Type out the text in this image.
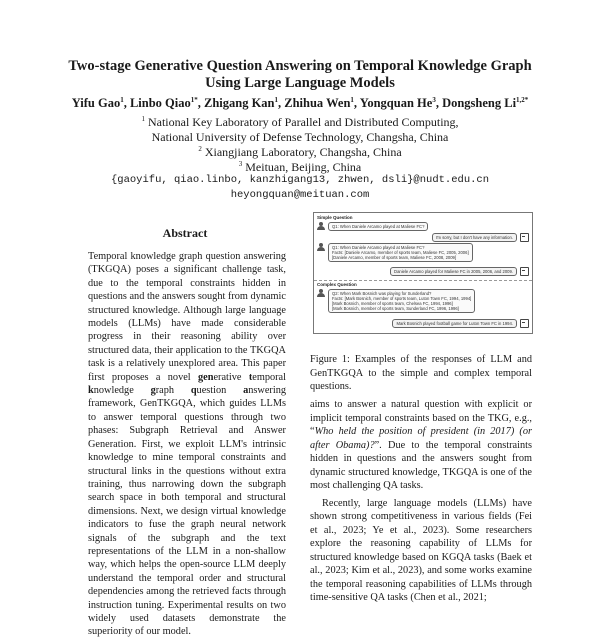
Two-stage Generative Question Answering on Temporal Knowledge Graph
Using Large Language Models
Yifu Gao$^1$, Linbo Qiao$^{1*}$, Zhigang Kan$^1$, Zhihua Wen$^1$, Yongquan He$^3$, Dongsheng $Li^{1,2*}$
$^1$ National Key Laboratory of Parallel and Distributed Computing,
National University of Defense Technology, Changsha, China
$^2$ Xiangjiang Laboratory, Changsha, China
$^3$ Meituan, Beijing, China
{gaoyifu, qiao.linbo, kanzhigang13, zhwen, dsli}@nudt.edu.cn
heyongquan@meituan.com
Abstract

Temporal knowledge graph question answering (TKGQA) poses a significant challenge task, due to the temporal constraints hidden in questions and the answers sought from dynamic structured knowledge. Although large language models (LLMs) have made considerable progress in their reasoning ability over structured data, their application to the TKGQA task is a relatively unexplored area. This paper first proposes a novel generative temporal knowledge graph question answering framework, GenTKGQA, which guides LLMs to answer temporal questions through two phases: Subgraph Retrieval and Answer Generation. First, we exploit LLM's intrinsic knowledge to mine temporal constraints and structural links in the questions without extra training, thus narrowing down the subgraph search space in both temporal and structural dimensions. Next, we design virtual knowledge indicators to fuse the graph neural network signals of the subgraph and the text representations of the LLM in a non-shallow way, which helps the open-source LLM deeply understand the temporal order and structural dependencies among the retrieved facts through instruction tuning. Experimental results on two widely used datasets demonstrate the superiority of our model.

Simple Question
Q1: When Daniele Arcamo played at Maliese FC?
I'm sorry, but I don't have any information.
Q1: When Daniele Arcamo played at Maliese FC?
Facts: [Daniele Arcamo, member of sports team, Maliese FC, 2005, 2006]
[Daniele Arcamo, member of sports team, Maliese FC, 2008, 2009]
Daniele Arcamo played for Maliese FC in 2005, 2006, and 2009.
Complex Question
Q2: When Mark Bosnich was playing for Sunderland?
Facts: [Mark Bosnich, member of sports team, Luton Town FC, 1994, 1994]
[Mark Bosnich, member of sports team, Chelsea FC, 1994, 1996]
[Mark Bosnich, member of sports team, Sunderland FC, 1996, 1996]
Mark Bosnich played football game for Luton Town FC in 1994.
Figure 1: Examples of the responses of LLM and GenTKGQA to the simple and complex temporal questions.

aims to answer a natural question with explicit or implicit temporal constraints based on the TKG, e.g., “Who held the position of president (in 2017) (or after Obama)?”. Due to the temporal constraints hidden in questions and the answers sought from dynamic structured knowledge, TKGQA is one of the most challenging QA tasks.

Recently, large language models (LLMs) have shown strong competitiveness in various fields (Fei et al., 2023; Ye et al., 2023). Some researchers explore the reasoning capability of LLMs for structured knowledge based on KGQA tasks (Baek et al., 2023; Kim et al., 2023), and some works examine the temporal reasoning capabilities of LLMs through time-sensitive QA tasks (Chen et al., 2021;
